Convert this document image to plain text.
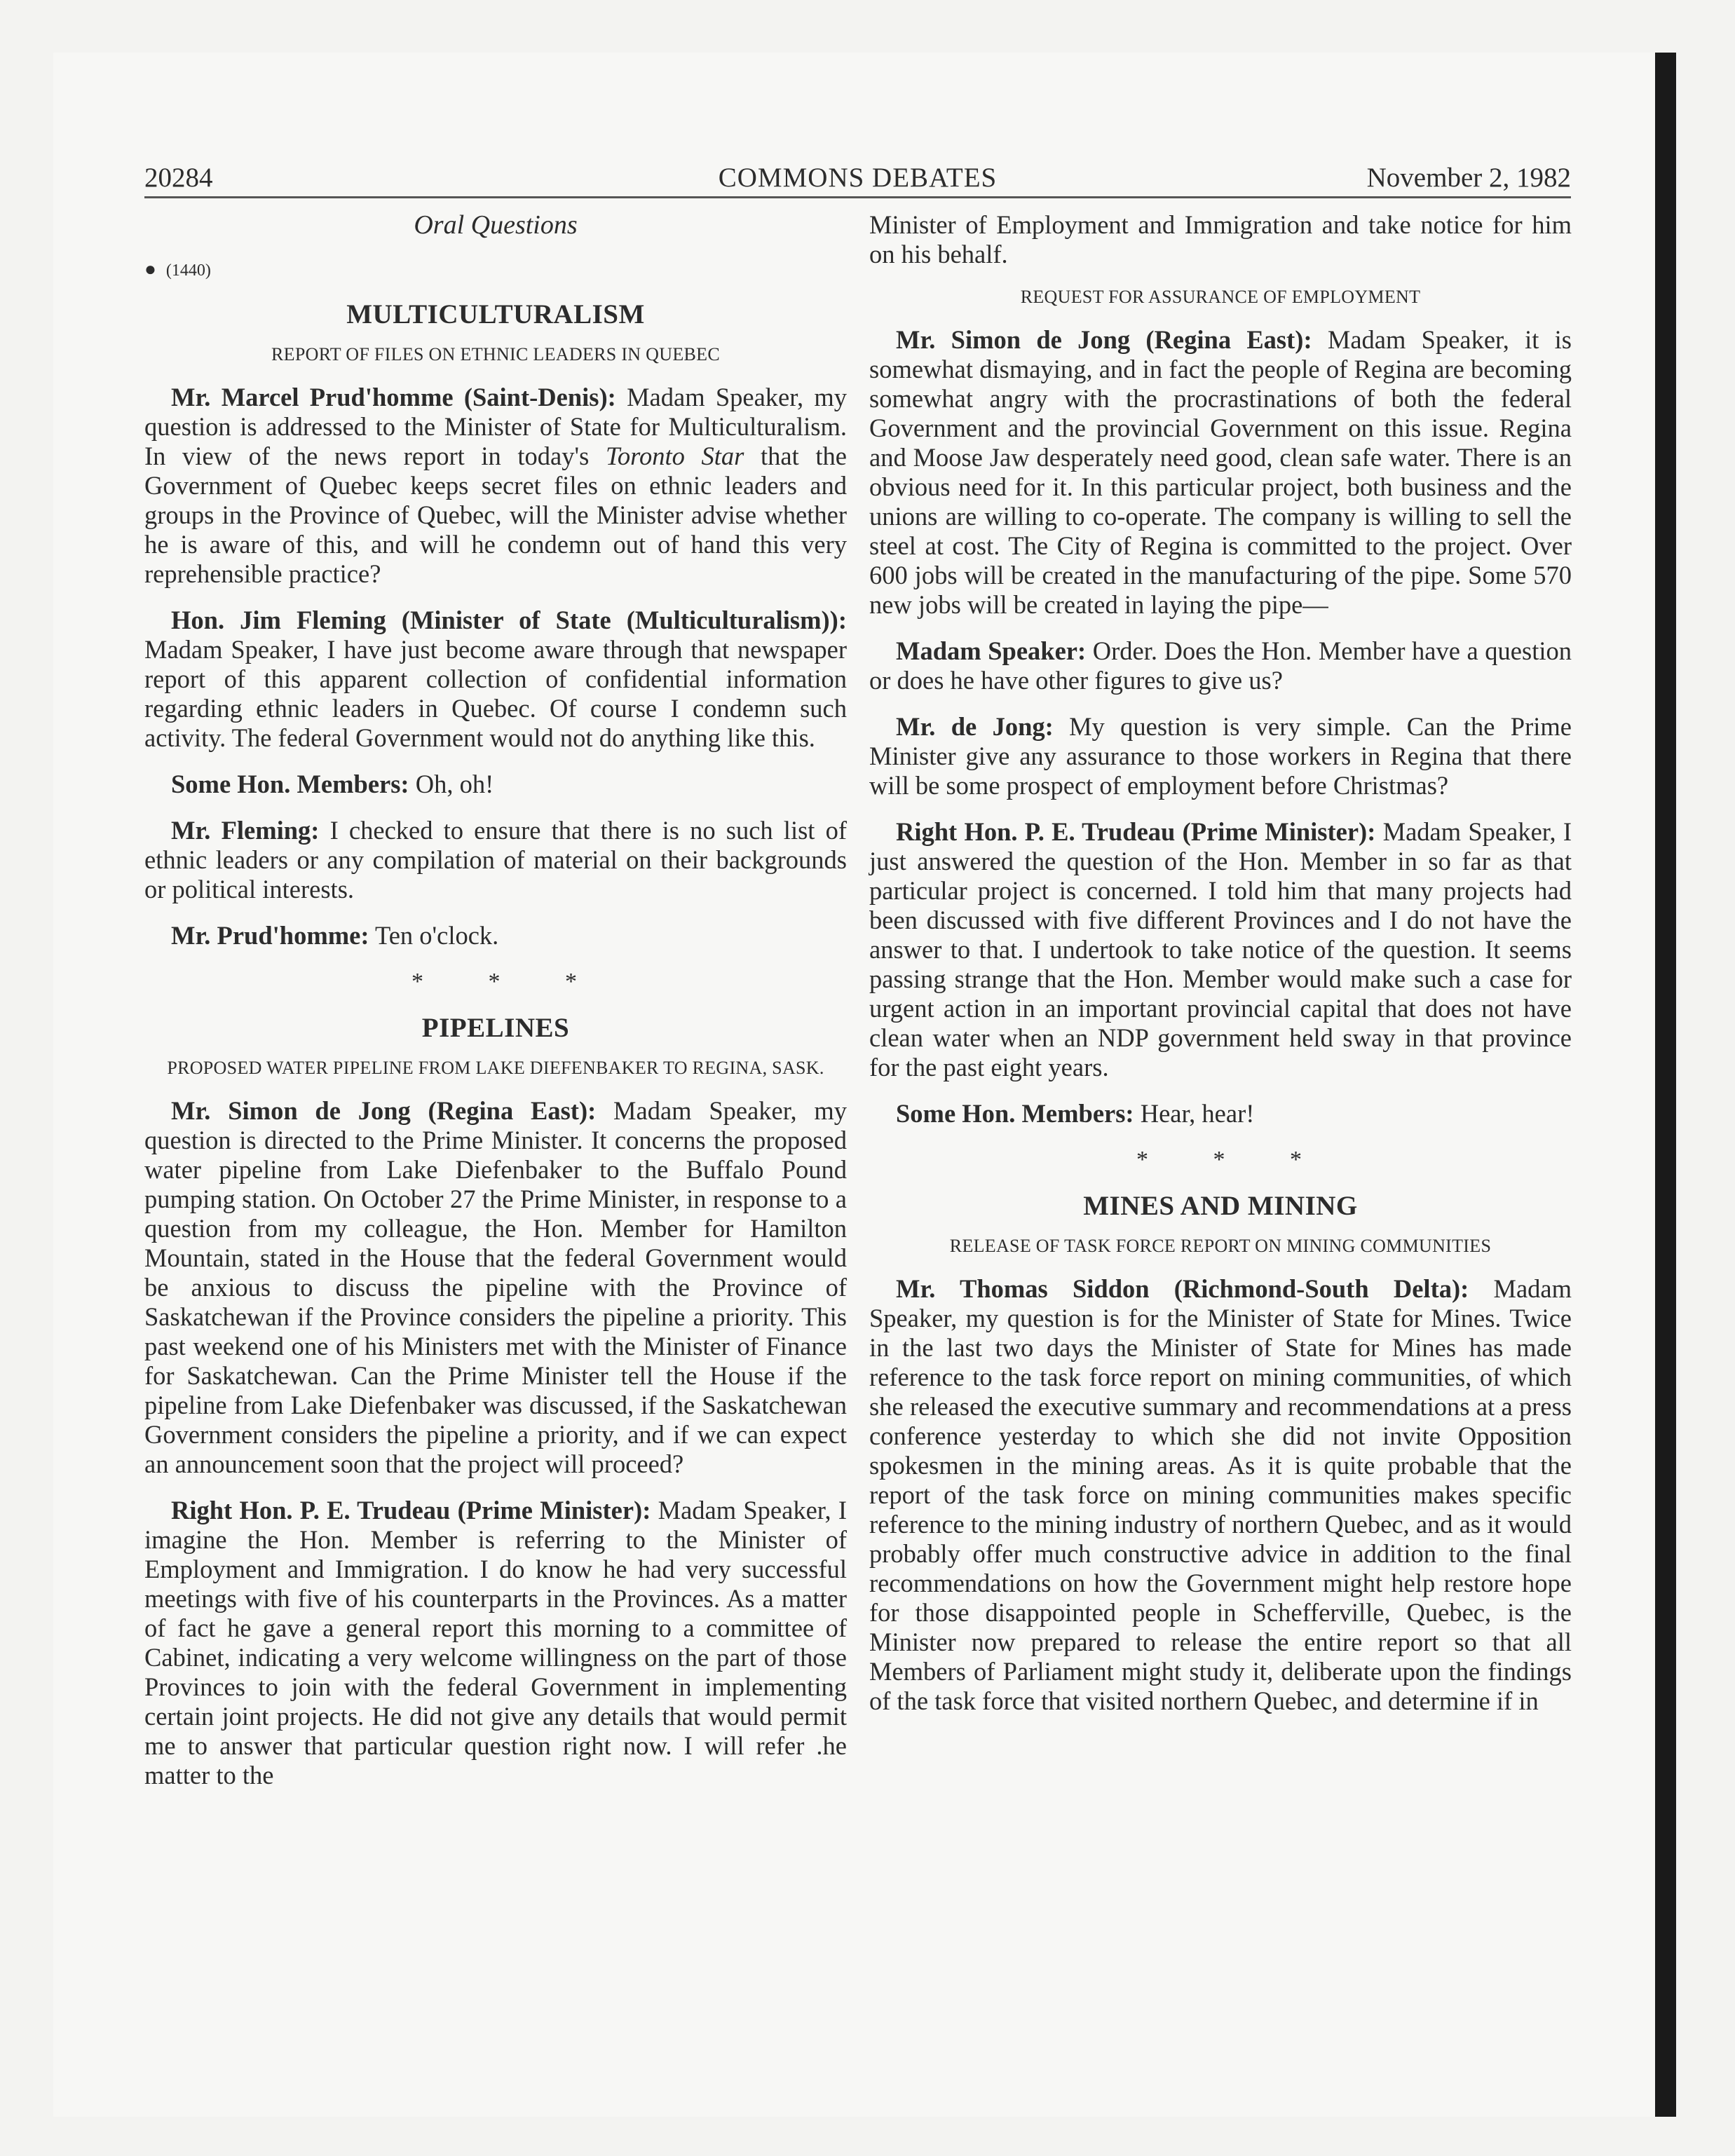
20284	COMMONS DEBATES	November 2, 1982
Oral Questions
● (1440)
MULTICULTURALISM
REPORT OF FILES ON ETHNIC LEADERS IN QUEBEC

Mr. Marcel Prud'homme (Saint-Denis): Madam Speaker, my question is addressed to the Minister of State for Multiculturalism. In view of the news report in today's Toronto Star that the Government of Quebec keeps secret files on ethnic leaders and groups in the Province of Quebec, will the Minister advise whether he is aware of this, and will he condemn out of hand this very reprehensible practice?

Hon. Jim Fleming (Minister of State (Multiculturalism)): Madam Speaker, I have just become aware through that newspaper report of this apparent collection of confidential information regarding ethnic leaders in Quebec. Of course I condemn such activity. The federal Government would not do anything like this.

Some Hon. Members: Oh, oh!

Mr. Fleming: I checked to ensure that there is no such list of ethnic leaders or any compilation of material on their backgrounds or political interests.

Mr. Prud'homme: Ten o'clock.

* * *
PIPELINES
PROPOSED WATER PIPELINE FROM LAKE DIEFENBAKER TO REGINA, SASK.

Mr. Simon de Jong (Regina East): Madam Speaker, my question is directed to the Prime Minister. It concerns the proposed water pipeline from Lake Diefenbaker to the Buffalo Pound pumping station. On October 27 the Prime Minister, in response to a question from my colleague, the Hon. Member for Hamilton Mountain, stated in the House that the federal Government would be anxious to discuss the pipeline with the Province of Saskatchewan if the Province considers the pipeline a priority. This past weekend one of his Ministers met with the Minister of Finance for Saskatchewan. Can the Prime Minister tell the House if the pipeline from Lake Diefenbaker was discussed, if the Saskatchewan Government considers the pipeline a priority, and if we can expect an announcement soon that the project will proceed?

Right Hon. P. E. Trudeau (Prime Minister): Madam Speaker, I imagine the Hon. Member is referring to the Minister of Employment and Immigration. I do know he had very successful meetings with five of his counterparts in the Provinces. As a matter of fact he gave a general report this morning to a committee of Cabinet, indicating a very welcome willingness on the part of those Provinces to join with the federal Government in implementing certain joint projects. He did not give any details that would permit me to answer that particular question right now. I will refer .he matter to the

Minister of Employment and Immigration and take notice for him on his behalf.

REQUEST FOR ASSURANCE OF EMPLOYMENT

Mr. Simon de Jong (Regina East): Madam Speaker, it is somewhat dismaying, and in fact the people of Regina are becoming somewhat angry with the procrastinations of both the federal Government and the provincial Government on this issue. Regina and Moose Jaw desperately need good, clean safe water. There is an obvious need for it. In this particular project, both business and the unions are willing to co-operate. The company is willing to sell the steel at cost. The City of Regina is committed to the project. Over 600 jobs will be created in the manufacturing of the pipe. Some 570 new jobs will be created in laying the pipe—

Madam Speaker: Order. Does the Hon. Member have a question or does he have other figures to give us?

Mr. de Jong: My question is very simple. Can the Prime Minister give any assurance to those workers in Regina that there will be some prospect of employment before Christmas?

Right Hon. P. E. Trudeau (Prime Minister): Madam Speaker, I just answered the question of the Hon. Member in so far as that particular project is concerned. I told him that many projects had been discussed with five different Provinces and I do not have the answer to that. I undertook to take notice of the question. It seems passing strange that the Hon. Member would make such a case for urgent action in an important provincial capital that does not have clean water when an NDP government held sway in that province for the past eight years.

Some Hon. Members: Hear, hear!

* * *
MINES AND MINING
RELEASE OF TASK FORCE REPORT ON MINING COMMUNITIES

Mr. Thomas Siddon (Richmond-South Delta): Madam Speaker, my question is for the Minister of State for Mines. Twice in the last two days the Minister of State for Mines has made reference to the task force report on mining communities, of which she released the executive summary and recommendations at a press conference yesterday to which she did not invite Opposition spokesmen in the mining areas. As it is quite probable that the report of the task force on mining communities makes specific reference to the mining industry of northern Quebec, and as it would probably offer much constructive advice in addition to the final recommendations on how the Government might help restore hope for those disappointed people in Schefferville, Quebec, is the Minister now prepared to release the entire report so that all Members of Parliament might study it, deliberate upon the findings of the task force that visited northern Quebec, and determine if in
